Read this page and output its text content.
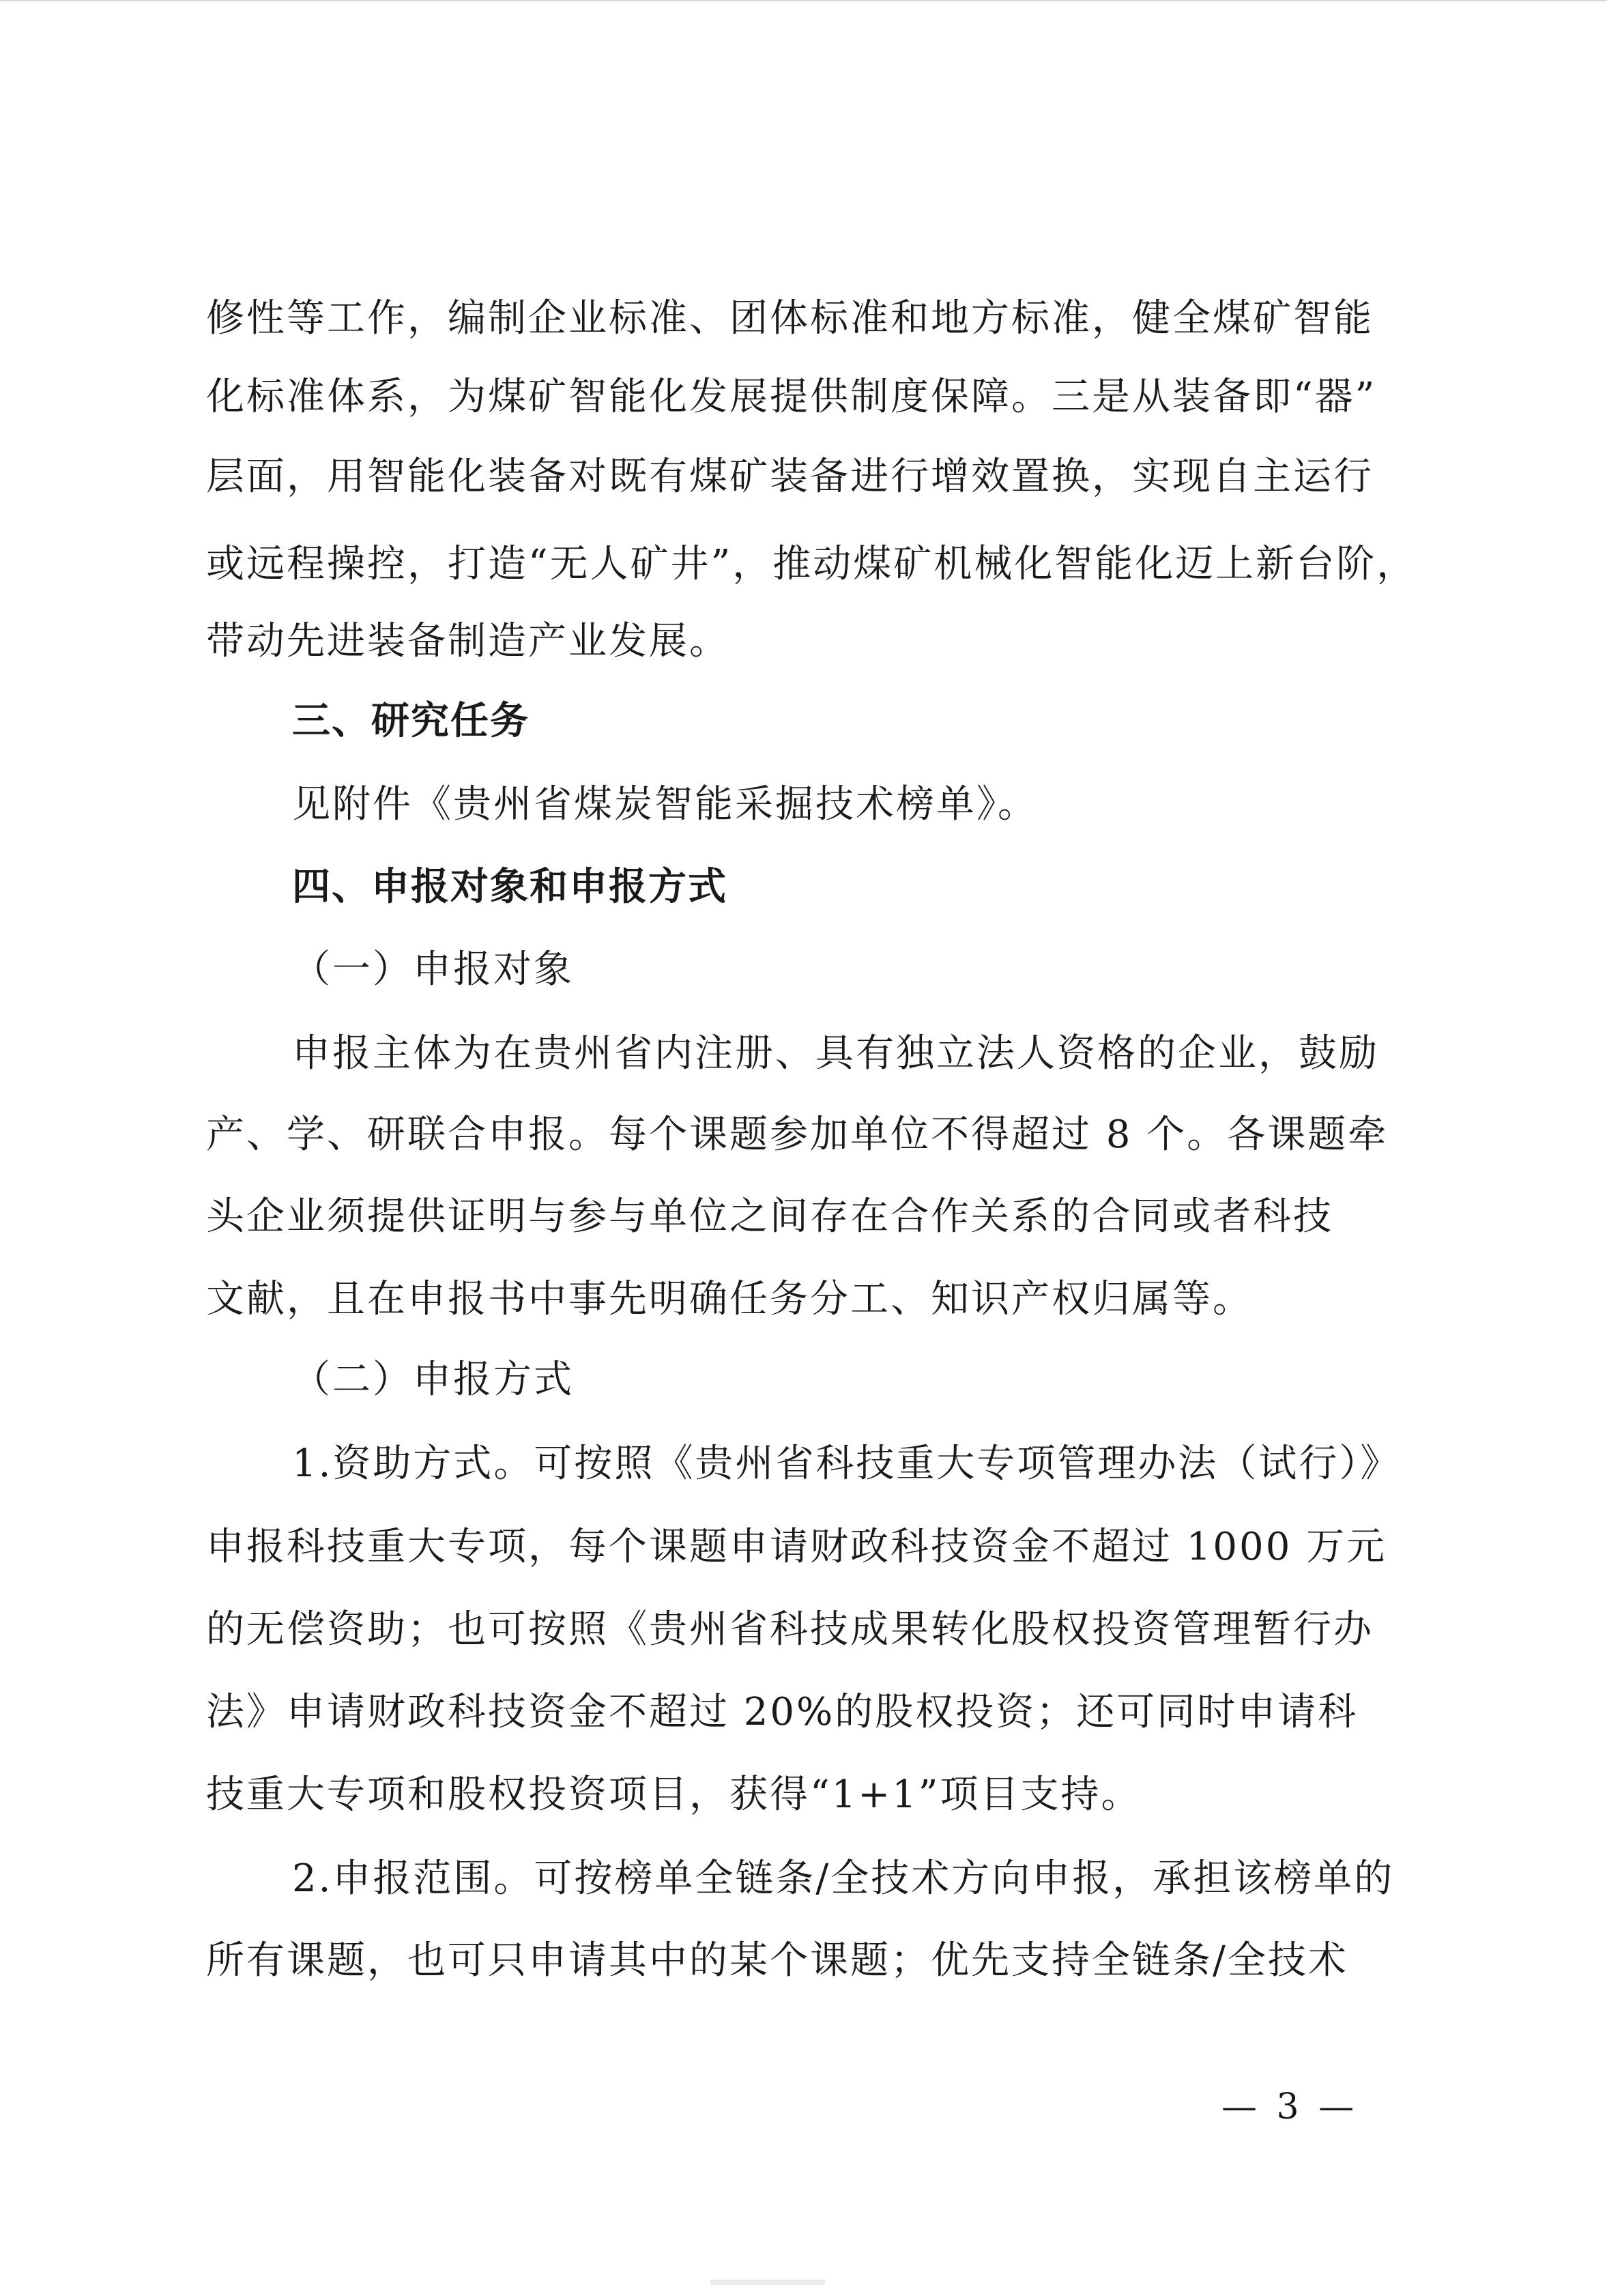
修性等工作，编制企业标准、团体标准和地方标准，健全煤矿智能
化标准体系，为煤矿智能化发展提供制度保障。三是从装备即“器”
层面，用智能化装备对既有煤矿装备进行增效置换，实现自主运行
或远程操控，打造“无人矿井”，推动煤矿机械化智能化迈上新台阶，
带动先进装备制造产业发展。
三、研究任务
见附件《贵州省煤炭智能采掘技术榜单》。
四、申报对象和申报方式
（一）申报对象
申报主体为在贵州省内注册、具有独立法人资格的企业，鼓励
产、学、研联合申报。每个课题参加单位不得超过 8 个。各课题牵
头企业须提供证明与参与单位之间存在合作关系的合同或者科技
文献，且在申报书中事先明确任务分工、知识产权归属等。
（二）申报方式
1.资助方式。可按照《贵州省科技重大专项管理办法（试行）》
申报科技重大专项，每个课题申请财政科技资金不超过 1000 万元
的无偿资助；也可按照《贵州省科技成果转化股权投资管理暂行办
法》申请财政科技资金不超过 20%的股权投资；还可同时申请科
技重大专项和股权投资项目，获得“1+1”项目支持。
2.申报范围。可按榜单全链条/全技术方向申报，承担该榜单的
所有课题，也可只申请其中的某个课题；优先支持全链条/全技术
— 3 —
